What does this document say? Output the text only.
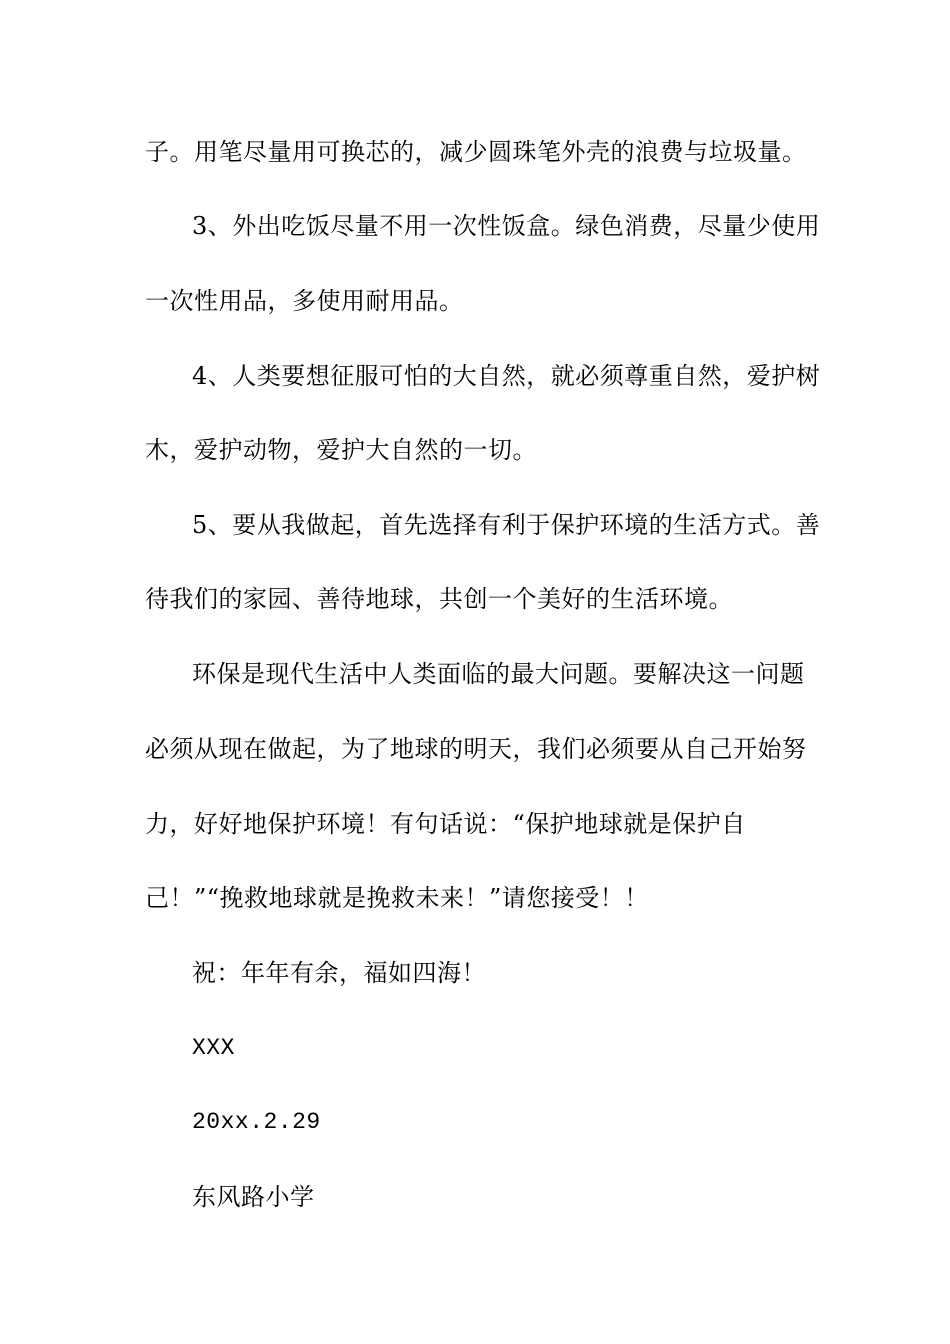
子。用笔尽量用可换芯的，减少圆珠笔外壳的浪费与垃圾量。
3、外出吃饭尽量不用一次性饭盒。绿色消费，尽量少使用
一次性用品，多使用耐用品。
4、人类要想征服可怕的大自然，就必须尊重自然，爱护树
木，爱护动物，爱护大自然的一切。
5、要从我做起，首先选择有利于保护环境的生活方式。善
待我们的家园、善待地球，共创一个美好的生活环境。
环保是现代生活中人类面临的最大问题。要解决这一问题
必须从现在做起，为了地球的明天，我们必须要从自己开始努
力，好好地保护环境！有句话说：“保护地球就是保护自
己！”“挽救地球就是挽救未来！”请您接受！！
祝：年年有余，福如四海！
XXX
20xx.2.29
东风路小学
